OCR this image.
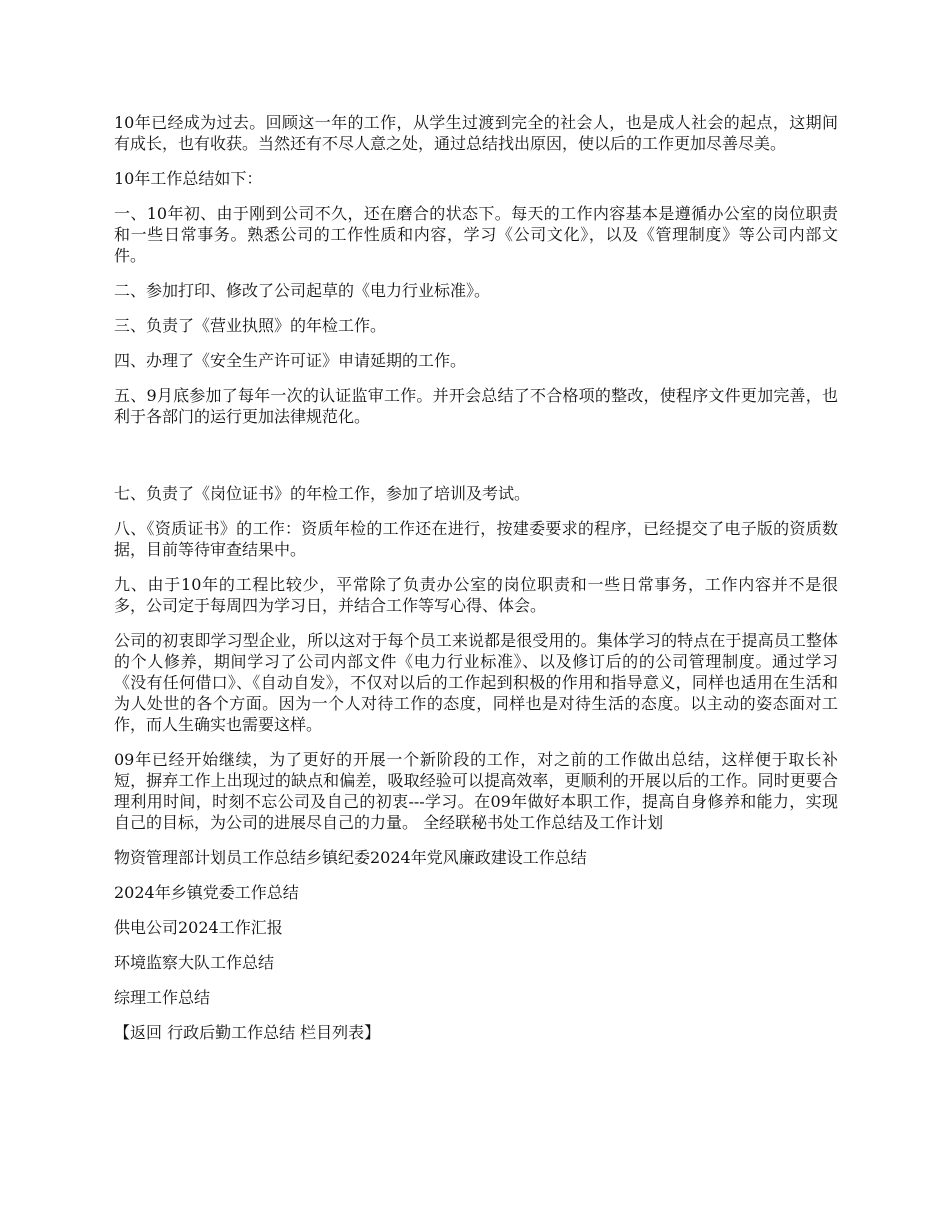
10年已经成为过去。回顾这一年的工作，从学生过渡到完全的社会人，也是成人社会的起点，这期间有成长，也有收获。当然还有不尽人意之处，通过总结找出原因，使以后的工作更加尽善尽美。

10年工作总结如下：

一、10年初、由于刚到公司不久，还在磨合的状态下。每天的工作内容基本是遵循办公室的岗位职责和一些日常事务。熟悉公司的工作性质和内容，学习《公司文化》，以及《管理制度》等公司内部文件。

二、参加打印、修改了公司起草的《电力行业标准》。

三、负责了《营业执照》的年检工作。

四、办理了《安全生产许可证》申请延期的工作。

五、9月底参加了每年一次的认证监审工作。并开会总结了不合格项的整改，使程序文件更加完善，也利于各部门的运行更加法律规范化。

七、负责了《岗位证书》的年检工作，参加了培训及考试。

八、《资质证书》的工作：资质年检的工作还在进行，按建委要求的程序，已经提交了电子版的资质数据，目前等待审查结果中。

九、由于10年的工程比较少，平常除了负责办公室的岗位职责和一些日常事务，工作内容并不是很多，公司定于每周四为学习日，并结合工作等写心得、体会。

公司的初衷即学习型企业，所以这对于每个员工来说都是很受用的。集体学习的特点在于提高员工整体的个人修养，期间学习了公司内部文件《电力行业标准》、以及修订后的的公司管理制度。通过学习《没有任何借口》、《自动自发》，不仅对以后的工作起到积极的作用和指导意义，同样也适用在生活和为人处世的各个方面。因为一个人对待工作的态度，同样也是对待生活的态度。以主动的姿态面对工作，而人生确实也需要这样。

09年已经开始继续，为了更好的开展一个新阶段的工作，对之前的工作做出总结，这样便于取长补短，摒弃工作上出现过的缺点和偏差，吸取经验可以提高效率，更顺利的开展以后的工作。同时更要合理利用时间，时刻不忘公司及自己的初衷---学习。在09年做好本职工作，提高自身修养和能力，实现自己的目标，为公司的进展尽自己的力量。 全经联秘书处工作总结及工作计划

物资管理部计划员工作总结乡镇纪委2024年党风廉政建设工作总结

2024年乡镇党委工作总结

供电公司2024工作汇报

环境监察大队工作总结

综理工作总结

【返回 行政后勤工作总结 栏目列表】
